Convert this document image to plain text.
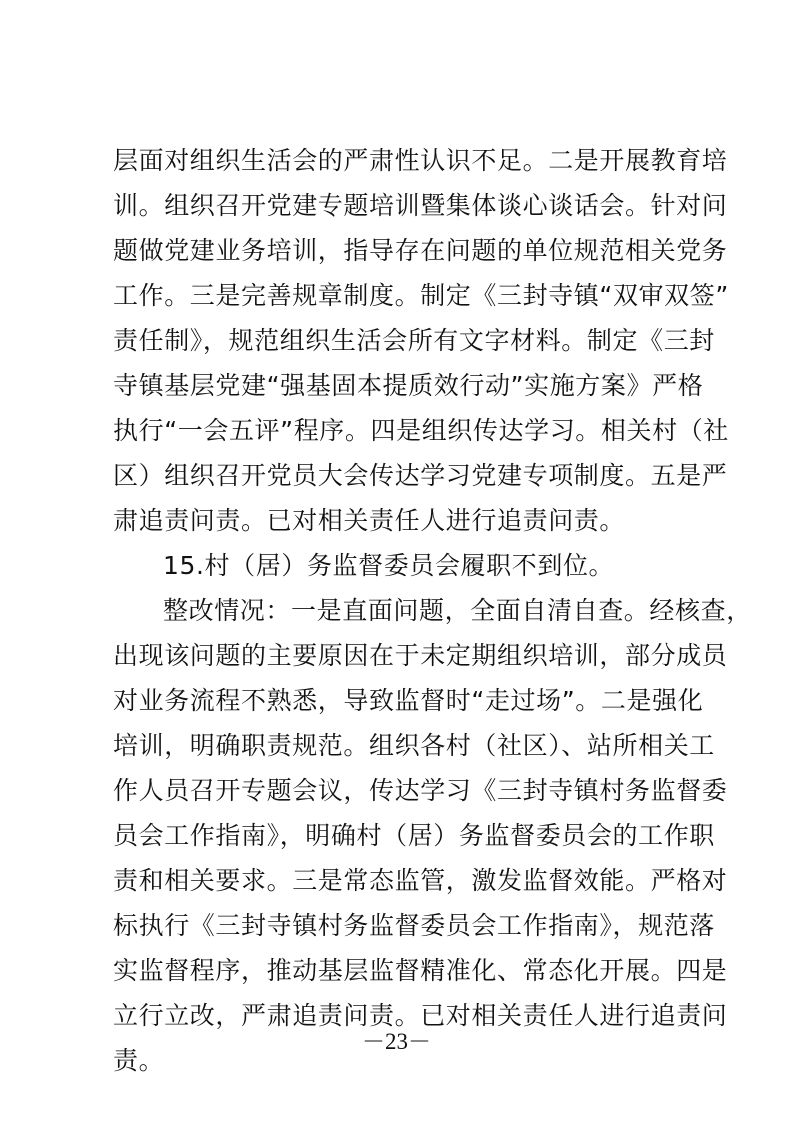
层面对组织生活会的严肃性认识不足。二是开展教育培
训。组织召开党建专题培训暨集体谈心谈话会。针对问
题做党建业务培训，指导存在问题的单位规范相关党务
工作。三是完善规章制度。制定《三封寺镇“双审双签”
责任制》，规范组织生活会所有文字材料。制定《三封
寺镇基层党建“强基固本提质效行动”实施方案》严格
执行“一会五评”程序。四是组织传达学习。相关村（社
区）组织召开党员大会传达学习党建专项制度。五是严
肃追责问责。已对相关责任人进行追责问责。
15.村（居）务监督委员会履职不到位。
整改情况：一是直面问题，全面自清自查。经核查，
出现该问题的主要原因在于未定期组织培训，部分成员
对业务流程不熟悉，导致监督时“走过场”。二是强化
培训，明确职责规范。组织各村（社区）、站所相关工
作人员召开专题会议，传达学习《三封寺镇村务监督委
员会工作指南》，明确村（居）务监督委员会的工作职
责和相关要求。三是常态监管，激发监督效能。严格对
标执行《三封寺镇村务监督委员会工作指南》，规范落
实监督程序，推动基层监督精准化、常态化开展。四是
立行立改，严肃追责问责。已对相关责任人进行追责问
责。
－23－
